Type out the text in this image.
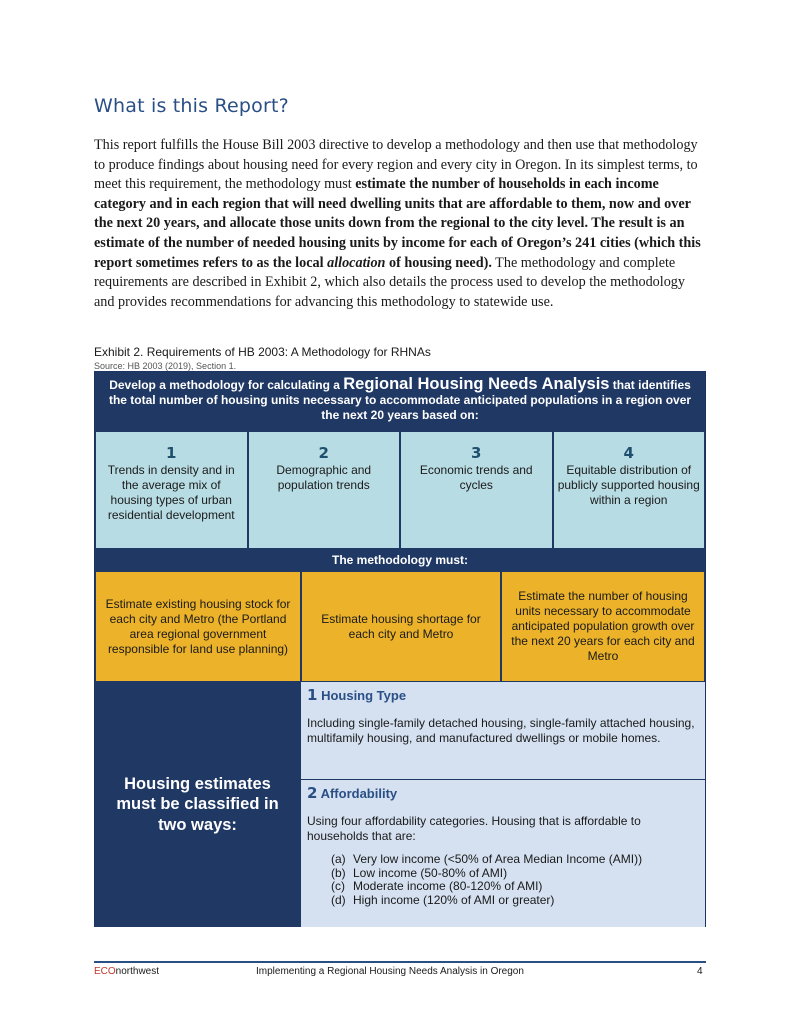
What is this Report?
This report fulfills the House Bill 2003 directive to develop a methodology and then use that methodology to produce findings about housing need for every region and every city in Oregon. In its simplest terms, to meet this requirement, the methodology must estimate the number of households in each income category and in each region that will need dwelling units that are affordable to them, now and over the next 20 years, and allocate those units down from the regional to the city level. The result is an estimate of the number of needed housing units by income for each of Oregon’s 241 cities (which this report sometimes refers to as the local allocation of housing need). The methodology and complete requirements are described in Exhibit 2, which also details the process used to develop the methodology and provides recommendations for advancing this methodology to statewide use.
Exhibit 2. Requirements of HB 2003: A Methodology for RHNAs
Source: HB 2003 (2019), Section 1.
Develop a methodology for calculating a Regional Housing Needs Analysis that identifies the total number of housing units necessary to accommodate anticipated populations in a region over the next 20 years based on:
1
Trends in density and in the average mix of housing types of urban residential development
2
Demographic and population trends
3
Economic trends and cycles
4
Equitable distribution of publicly supported housing within a region
The methodology must:
Estimate existing housing stock for each city and Metro (the Portland area regional government responsible for land use planning)
Estimate housing shortage for each city and Metro
Estimate the number of housing units necessary to accommodate anticipated population growth over the next 20 years for each city and Metro
Housing estimates must be classified in two ways:
1 Housing Type
Including single-family detached housing, single-family attached housing, multifamily housing, and manufactured dwellings or mobile homes.
2 Affordability
Using four affordability categories. Housing that is affordable to households that are:
(a) Very low income (<50% of Area Median Income (AMI))
(b) Low income (50-80% of AMI)
(c) Moderate income (80-120% of AMI)
(d) High income (120% of AMI or greater)
ECOnorthwest	Implementing a Regional Housing Needs Analysis in Oregon	4
